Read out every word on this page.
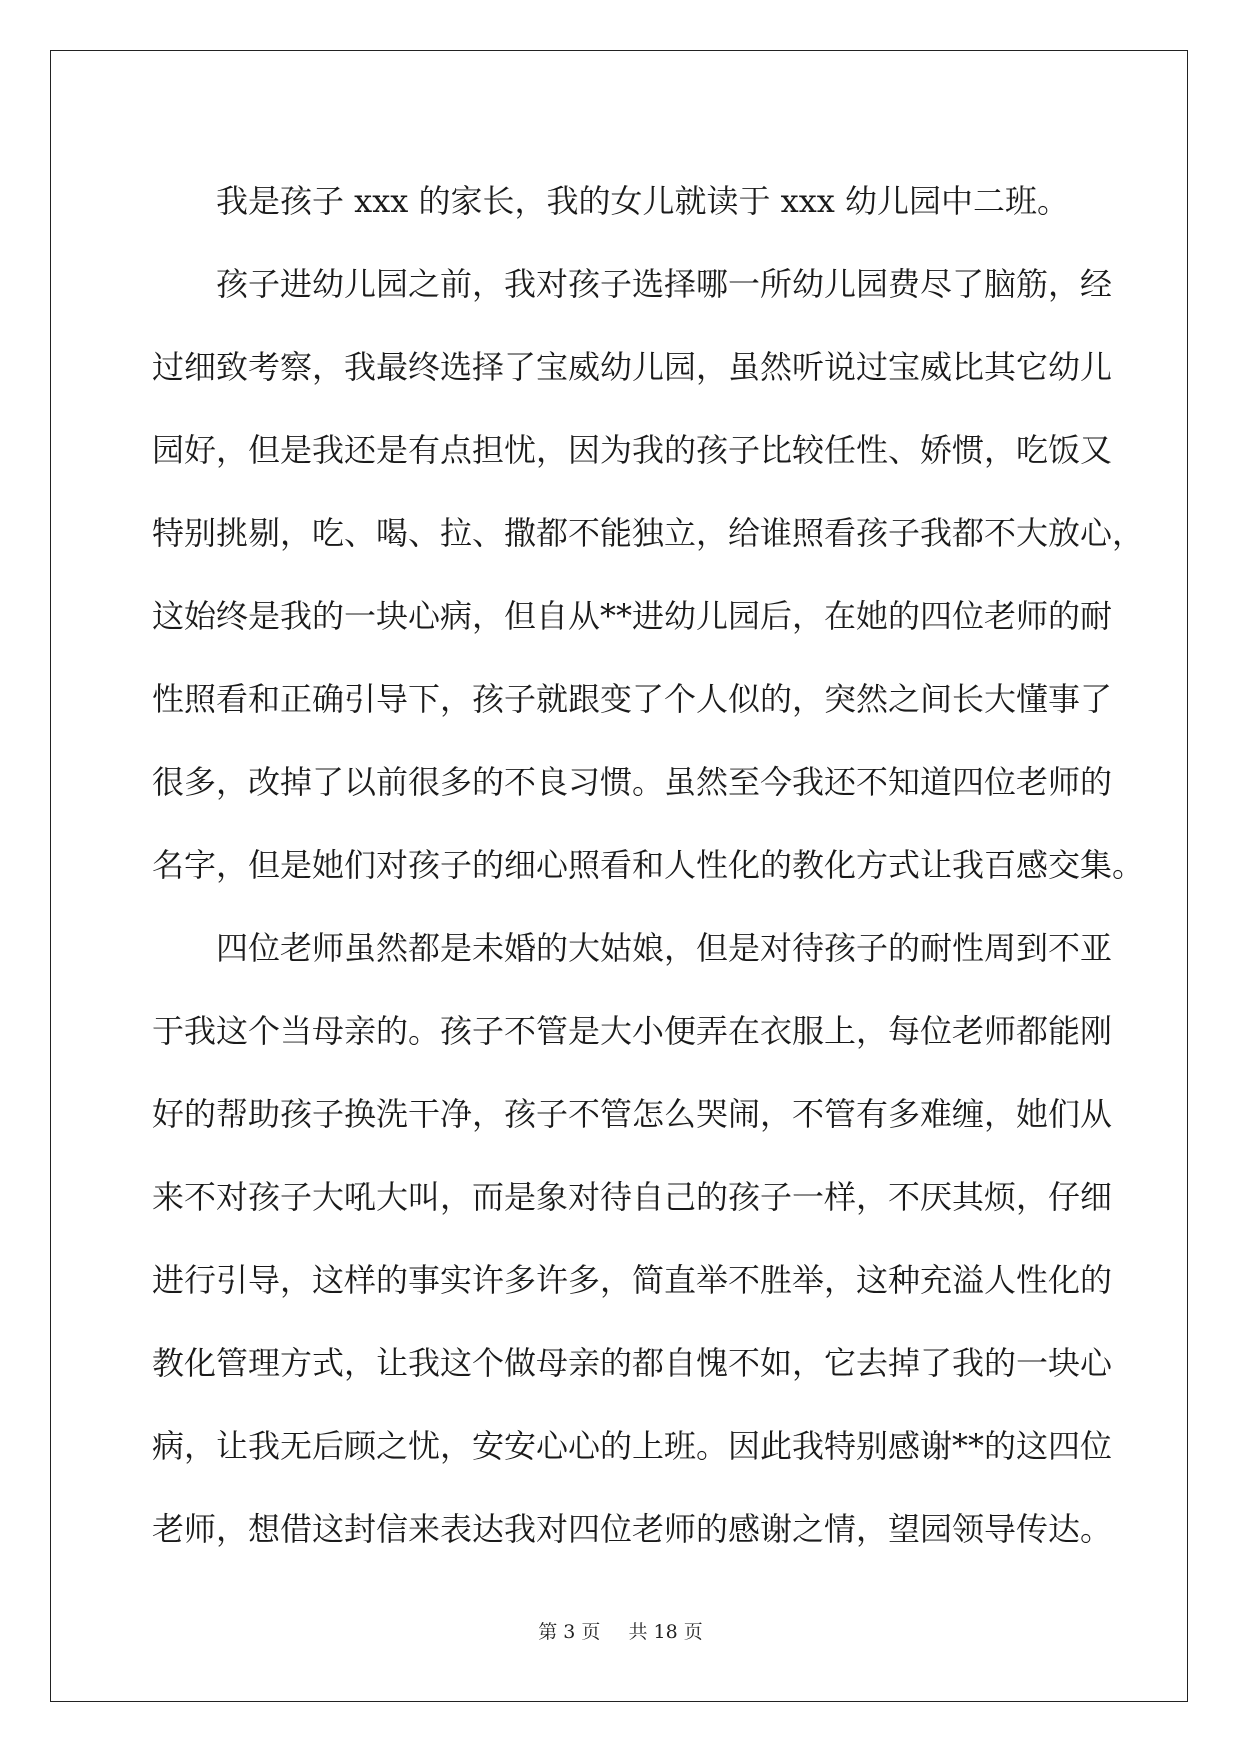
我是孩子 xxx 的家长，我的女儿就读于 xxx 幼儿园中二班。
孩子进幼儿园之前，我对孩子选择哪一所幼儿园费尽了脑筋，经
过细致考察，我最终选择了宝威幼儿园，虽然听说过宝威比其它幼儿
园好，但是我还是有点担忧，因为我的孩子比较任性、娇惯，吃饭又
特别挑剔，吃、喝、拉、撒都不能独立，给谁照看孩子我都不大放心，
这始终是我的一块心病，但自从**进幼儿园后，在她的四位老师的耐
性照看和正确引导下，孩子就跟变了个人似的，突然之间长大懂事了
很多，改掉了以前很多的不良习惯。虽然至今我还不知道四位老师的
名字，但是她们对孩子的细心照看和人性化的教化方式让我百感交集。
四位老师虽然都是未婚的大姑娘，但是对待孩子的耐性周到不亚
于我这个当母亲的。孩子不管是大小便弄在衣服上，每位老师都能刚
好的帮助孩子换洗干净，孩子不管怎么哭闹，不管有多难缠，她们从
来不对孩子大吼大叫，而是象对待自己的孩子一样，不厌其烦，仔细
进行引导，这样的事实许多许多，简直举不胜举，这种充溢人性化的
教化管理方式，让我这个做母亲的都自愧不如，它去掉了我的一块心
病，让我无后顾之忧，安安心心的上班。因此我特别感谢**的这四位
老师，想借这封信来表达我对四位老师的感谢之情，望园领导传达。
第 3 页 共 18 页
